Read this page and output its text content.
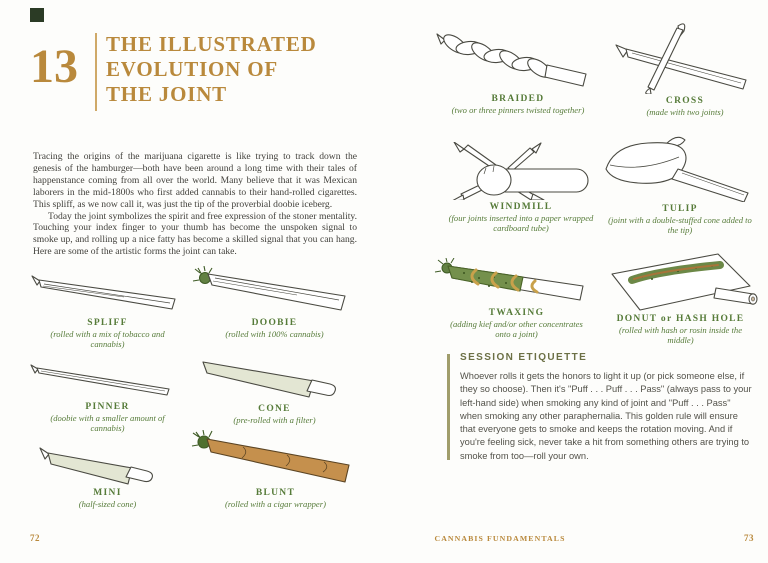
13 THE ILLUSTRATED
EVOLUTION OF
THE JOINT

Tracing the origins of the marijuana cigarette is like trying to track down the genesis of the hamburger—both have been around a long time with their tales of happenstance coming from all over the world. Many believe that it was Mexican laborers in the mid-1800s who first added cannabis to their hand-rolled cigarettes. This spliff, as we now call it, was just the tip of the proverbial doobie iceberg.

Today the joint symbolizes the spirit and free expression of the stoner mentality. Touching your index finger to your thumb has become the unspoken signal to smoke up, and rolling up a nice fatty has become a skilled signal that you can hang. Here are some of the artistic forms the joint can take.

SPLIFF
(rolled with a mix of tobacco and cannabis)
DOOBIE
(rolled with 100% cannabis)
PINNER
(doobie with a smaller amount of cannabis)
CONE
(pre-rolled with a filter)
MINI
(half-sized cone)
BLUNT
(rolled with a cigar wrapper)
BRAIDED
(two or three pinners twisted together)
CROSS
(made with two joints)
WINDMILL
(four joints inserted into a paper wrapped cardboard tube)
TULIP
(joint with a double-stuffed cone added to the tip)
TWAXING
(adding kief and/or other concentrates onto a joint)
DONUT or HASH HOLE
(rolled with hash or rosin inside the middle)
SESSION ETIQUETTE
Whoever rolls it gets the honors to light it up (or pick someone else, if they so choose). Then it's "Puff . . . Puff . . . Pass" (always pass to your left-hand side) when smoking any kind of joint and "Puff . . . Pass" when smoking any other paraphernalia. This golden rule will ensure that everyone gets to smoke and keeps the rotation moving. And if you're feeling sick, never take a hit from something others are trying to smoke from too—roll your own.
72	CANNABIS FUNDAMENTALS	73
